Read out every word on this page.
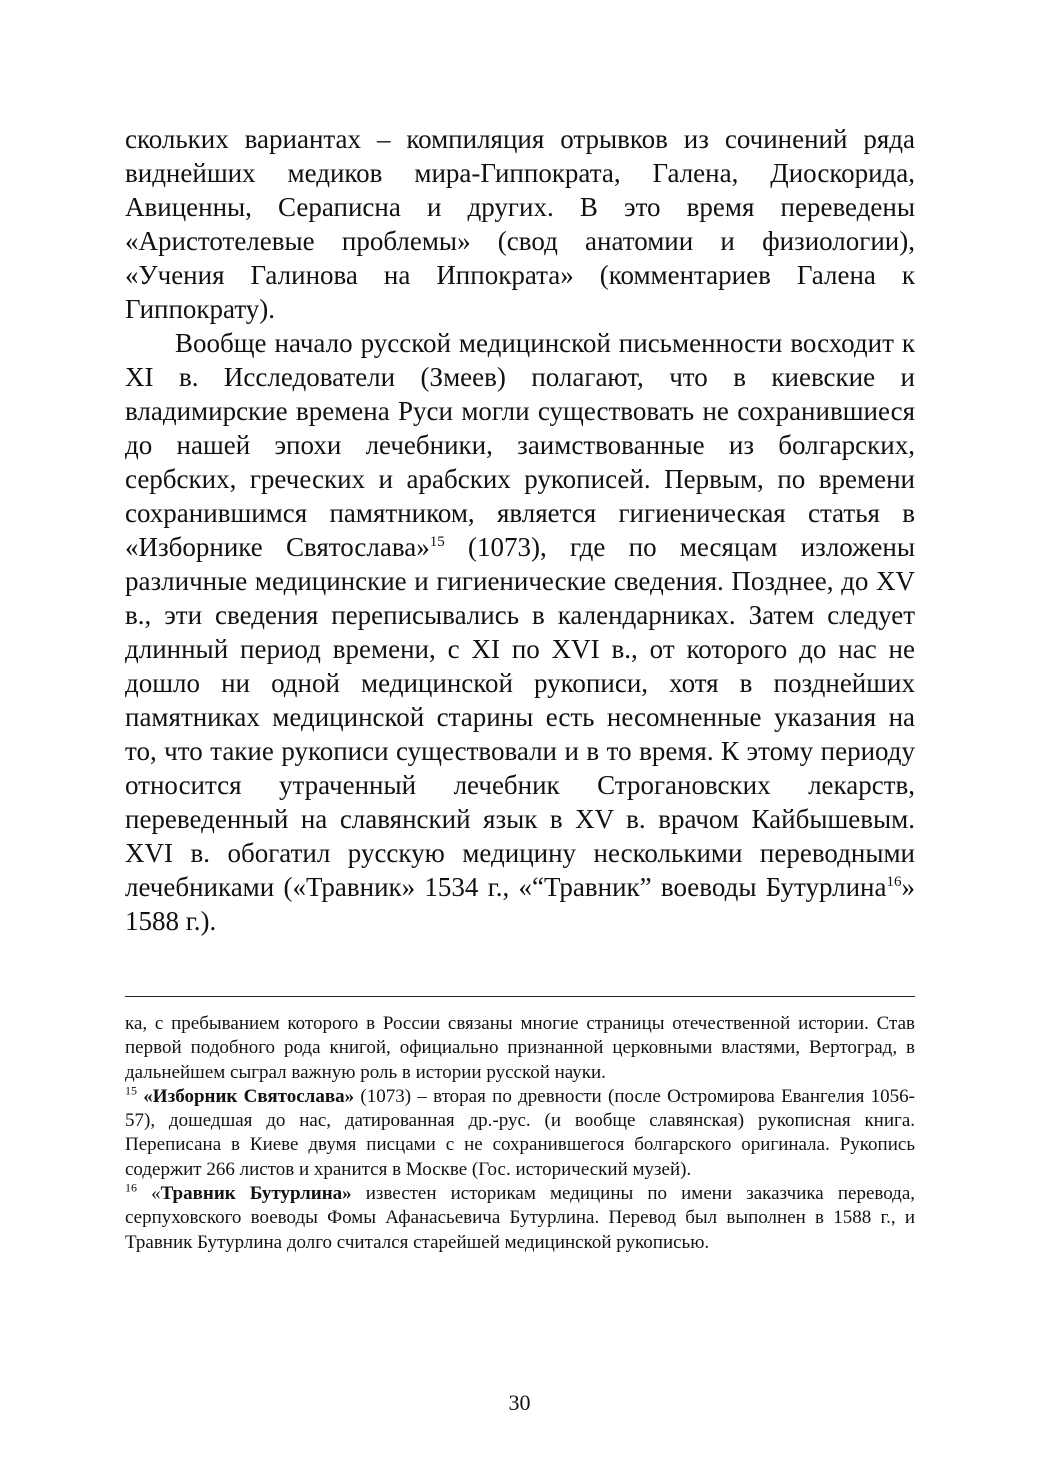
скольких вариантах – компиляция отрывков из сочинений ряда виднейших медиков мира-Гиппократа, Галена, Диоскорида, Авиценны, Сераписна и других. В это время переведены «Аристотелевые проблемы» (свод анатомии и физиологии), «Учения Галинова на Иппократа» (комментариев Галена к Гиппократу).

Вообще начало русской медицинской письменности восходит к XI в. Исследователи (Змеев) полагают, что в киевские и владимирские времена Руси могли существовать не сохранившиеся до нашей эпохи лечебники, заимствованные из болгарских, сербских, греческих и арабских рукописей. Первым, по времени сохранившимся памятником, является гигиеническая статья в «Изборнике Святослава»$^{15}$ (1073), где по месяцам изложены различные медицинские и гигиенические сведения. Позднее, до XV в., эти сведения переписывались в календарниках. Затем следует длинный период времени, с XI по XVI в., от которого до нас не дошло ни одной медицинской рукописи, хотя в позднейших памятниках медицинской старины есть несомненные указания на то, что такие рукописи существовали и в то время. К этому периоду относится утраченный лечебник Строгановских лекарств, переведенный на славянский язык в XV в. врачом Кайбышевым. XVI в. обогатил русскую медицину несколькими переводными лечебниками («Травник» 1534 г., «“Травник” воеводы Бутурлина$^{16}$» 1588 г.).

ка, с пребыванием которого в России связаны многие страницы отечественной истории. Став первой подобного рода книгой, официально признанной церковными властями, Вертоград, в дальнейшем сыграл важную роль в истории русской науки.

$^{15}$ «Изборник Святослава» (1073) – вторая по древности (после Остромирова Евангелия 1056-57), дошедшая до нас, датированная др.-рус. (и вообще славянская) рукописная книга. Переписана в Киеве двумя писцами с не сохранившегося болгарского оригинала. Рукопись содержит 266 листов и хранится в Москве (Гос. исторический музей).

$^{16}$ «Травник Бутурлина» известен историкам медицины по имени заказчика перевода, серпуховского воеводы Фомы Афанасьевича Бутурлина. Перевод был выполнен в 1588 г., и Травник Бутурлина долго считался старейшей медицинской рукописью.

30
